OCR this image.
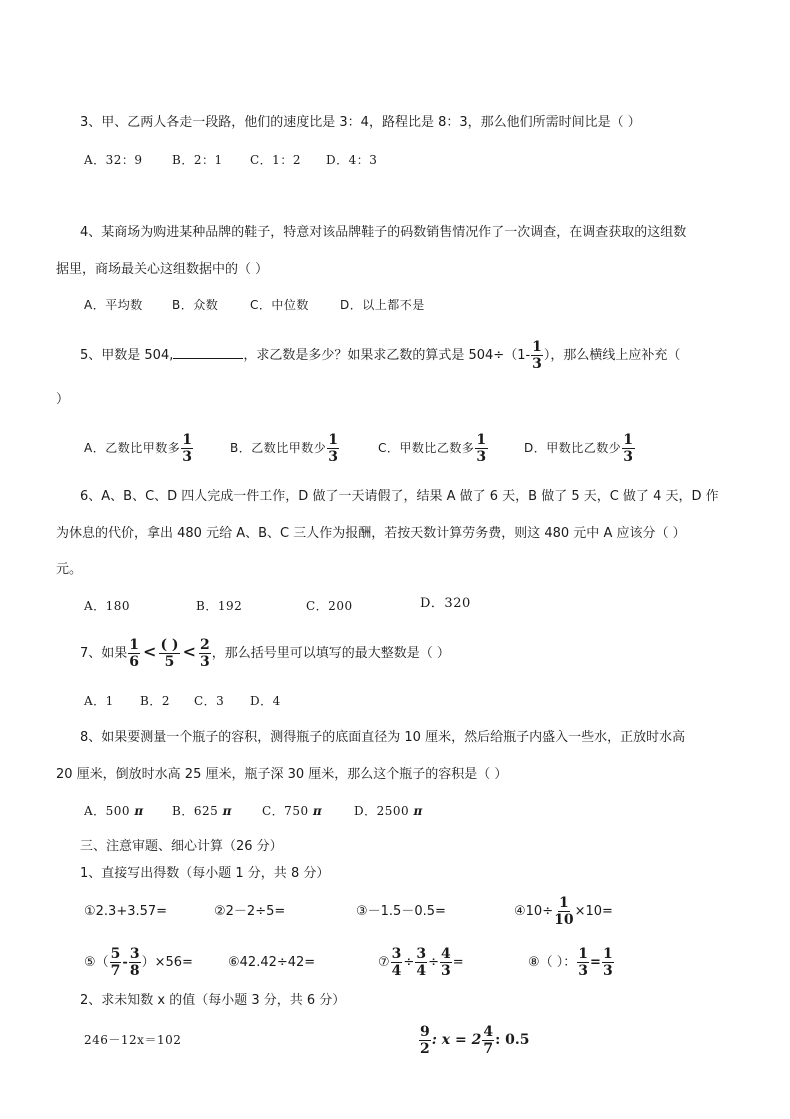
3、甲、乙两人各走一段路，他们的速度比是 3：4，路程比是 8：3，那么他们所需时间比是（ ）
A．32：9 B．2：1 C．1：2 D．4：3
4、某商场为购进某种品牌的鞋子，特意对该品牌鞋子的码数销售情况作了一次调查，在调查获取的这组数
据里，商场最关心这组数据中的（ ）
A．平均数 B．众数	C．中位数	D．以上都不是
5、甲数是 504,	，求乙数是多少？如果求乙数的算式是 $504\div(1- \frac{1}{3}$ ），那么横线上应补充（
）
A．乙数比甲数多 $\frac{1}{3}$	B．乙数比甲数少 $\frac{1}{3}$	C．甲数比乙数多 $\frac{1}{3}$	D．甲数比乙数少 $\frac{1}{3}$
6、A、B、C、D 四人完成一件工作，D 做了一天请假了，结果 A 做了 6 天，B 做了 5 天，C 做了 4 天，D 作
为休息的代价，拿出 480 元给 A、B、C 三人作为报酬，若按天数计算劳务费，则这 480 元中 A 应该分（ ）
元。
A．180	B．192	C．200	D．320
7、如果 $\frac{1}{6} < \frac{( )}{5} < \frac{2}{3}$ ，那么括号里可以填写的最大整数是（ ）
A．1 B．2 C．3 D．4
8、如果要测量一个瓶子的容积，测得瓶子的底面直径为 10 厘米，然后给瓶子内盛入一些水，正放时水高
20 厘米，倒放时水高 25 厘米，瓶子深 30 厘米，那么这个瓶子的容积是（ ）
A．500 π B．625 π	C．750 π	D．2500 π
三、注意审题、细心计算（26 分）
1、直接写出得数（每小题 1 分，共 8 分）
①2.3+3.57=	②2－2÷5=	③－1.5－0.5=	④10÷ $\frac{1}{10} \times 10=$
⑤（ $\frac{5}{7} - \frac{3}{8} )\times 56=$	⑥42.42÷42=	⑦ $\frac{3}{4} \div \frac{3}{4} \div \frac{4}{3}$ =	⑧（ ）： $\frac{1}{3} = \frac{1}{3}$
2、求未知数 x 的值（每小题 3 分，共 6 分）
246－12x＝102	$\frac{9}{2}$ : $x = 2 \frac{4}{7}$ : 0.5
